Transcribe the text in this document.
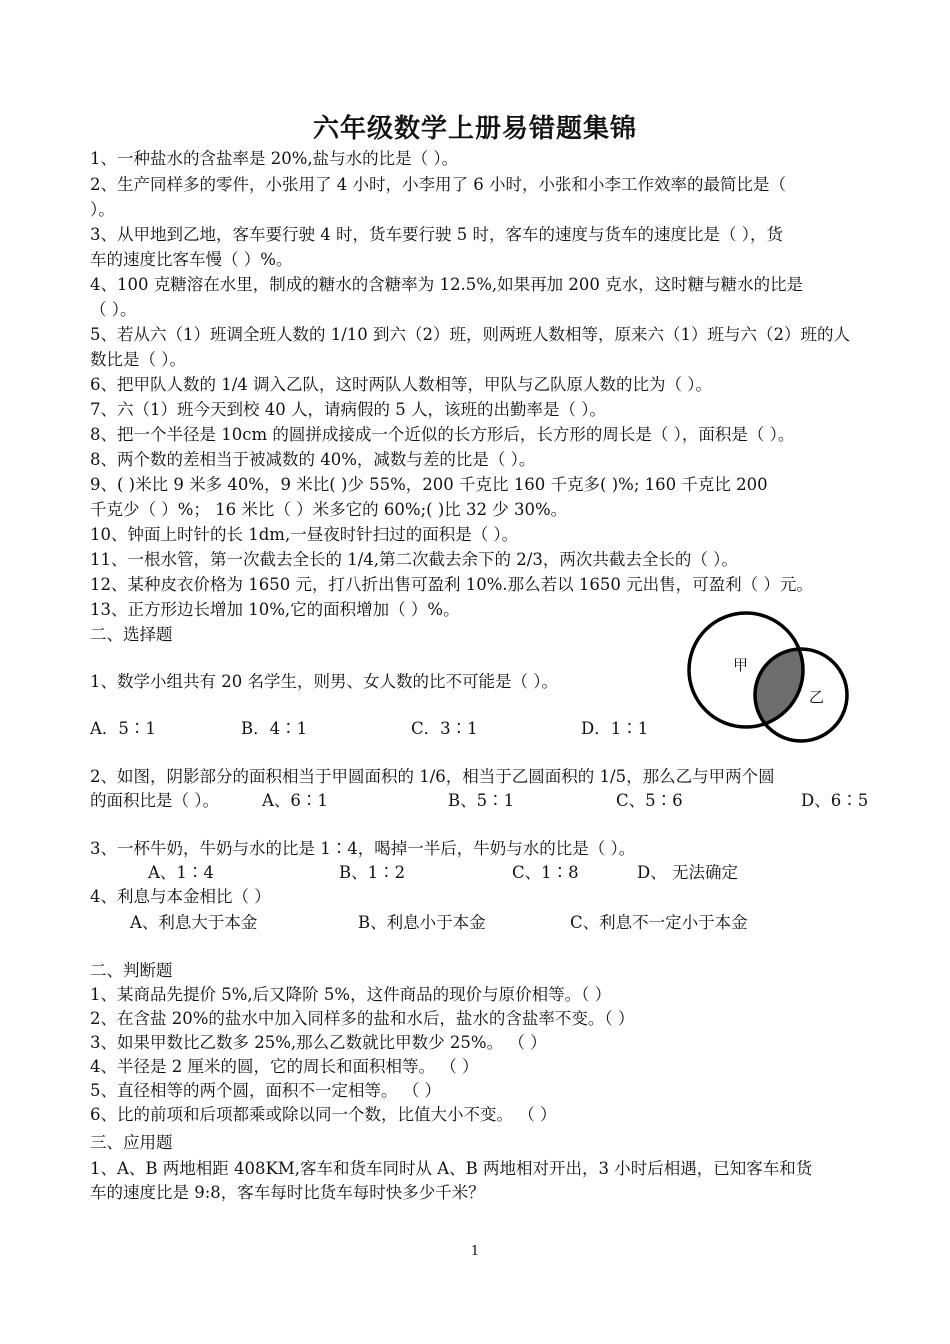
六年级数学上册易错题集锦
1、一种盐水的含盐率是 20%,盐与水的比是（ ）。
2、生产同样多的零件，小张用了 4 小时，小李用了 6 小时，小张和小李工作效率的最简比是（
）。
3、从甲地到乙地，客车要行驶 4 时，货车要行驶 5 时，客车的速度与货车的速度比是（ ），货
车的速度比客车慢（ ）%。
4、100 克糖溶在水里，制成的糖水的含糖率为 12.5%,如果再加 200 克水，这时糖与糖水的比是
（ ）。
5、若从六（1）班调全班人数的 1/10 到六（2）班，则两班人数相等，原来六（1）班与六（2）班的人
数比是（ ）。
6、把甲队人数的 1/4 调入乙队，这时两队人数相等，甲队与乙队原人数的比为（ ）。
7、六（1）班今天到校 40 人，请病假的 5 人，该班的出勤率是（ ）。
8、把一个半径是 10cm 的圆拼成接成一个近似的长方形后，长方形的周长是（ ），面积是（ ）。
8、两个数的差相当于被减数的 40%，减数与差的比是（ ）。
9、( )米比 9 米多 40%，9 米比( )少 55%，200 千克比 160 千克多( )%; 160 千克比 200
千克少（ ）%； 16 米比（ ）米多它的 60%;( )比 32 少 30%。
10、钟面上时针的长 1dm,一昼夜时针扫过的面积是（ ）。
11、一根水管，第一次截去全长的 1/4,第二次截去余下的 2/3，两次共截去全长的（ ）。
12、某种皮衣价格为 1650 元，打八折出售可盈利 10%.那么若以 1650 元出售，可盈利（ ）元。
13、正方形边长增加 10%,它的面积增加（ ）%。
二、选择题
甲
乙
1、数学小组共有 20 名学生，则男、女人数的比不可能是（ ）。
A．5∶1	B．4∶1	C．3∶1	D．1∶1
2、如图，阴影部分的面积相当于甲圆面积的 1/6，相当于乙圆面积的 1/5，那么乙与甲两个圆
的面积比是（ ）。	A、6∶1	B、5∶1	C、5∶6	D、6∶5
3、一杯牛奶，牛奶与水的比是 1∶4，喝掉一半后，牛奶与水的比是（ ）。
A、1∶4	B、1∶2	C、1∶8	D、 无法确定
4、利息与本金相比（ ）
A、利息大于本金	B、利息小于本金	C、利息不一定小于本金
二、判断题
1、某商品先提价 5%,后又降阶 5%，这件商品的现价与原价相等。（ ）
2、在含盐 20%的盐水中加入同样多的盐和水后，盐水的含盐率不变。（ ）
3、如果甲数比乙数多 25%,那么乙数就比甲数少 25%。 （ ）
4、半径是 2 厘米的圆，它的周长和面积相等。 （ ）
5、直径相等的两个圆，面积不一定相等。 （ ）
6、比的前项和后项都乘或除以同一个数，比值大小不变。 （ ）
三、应用题
1、A、B 两地相距 408KM,客车和货车同时从 A、B 两地相对开出，3 小时后相遇，已知客车和货
车的速度比是 9:8，客车每时比货车每时快多少千米？
1
